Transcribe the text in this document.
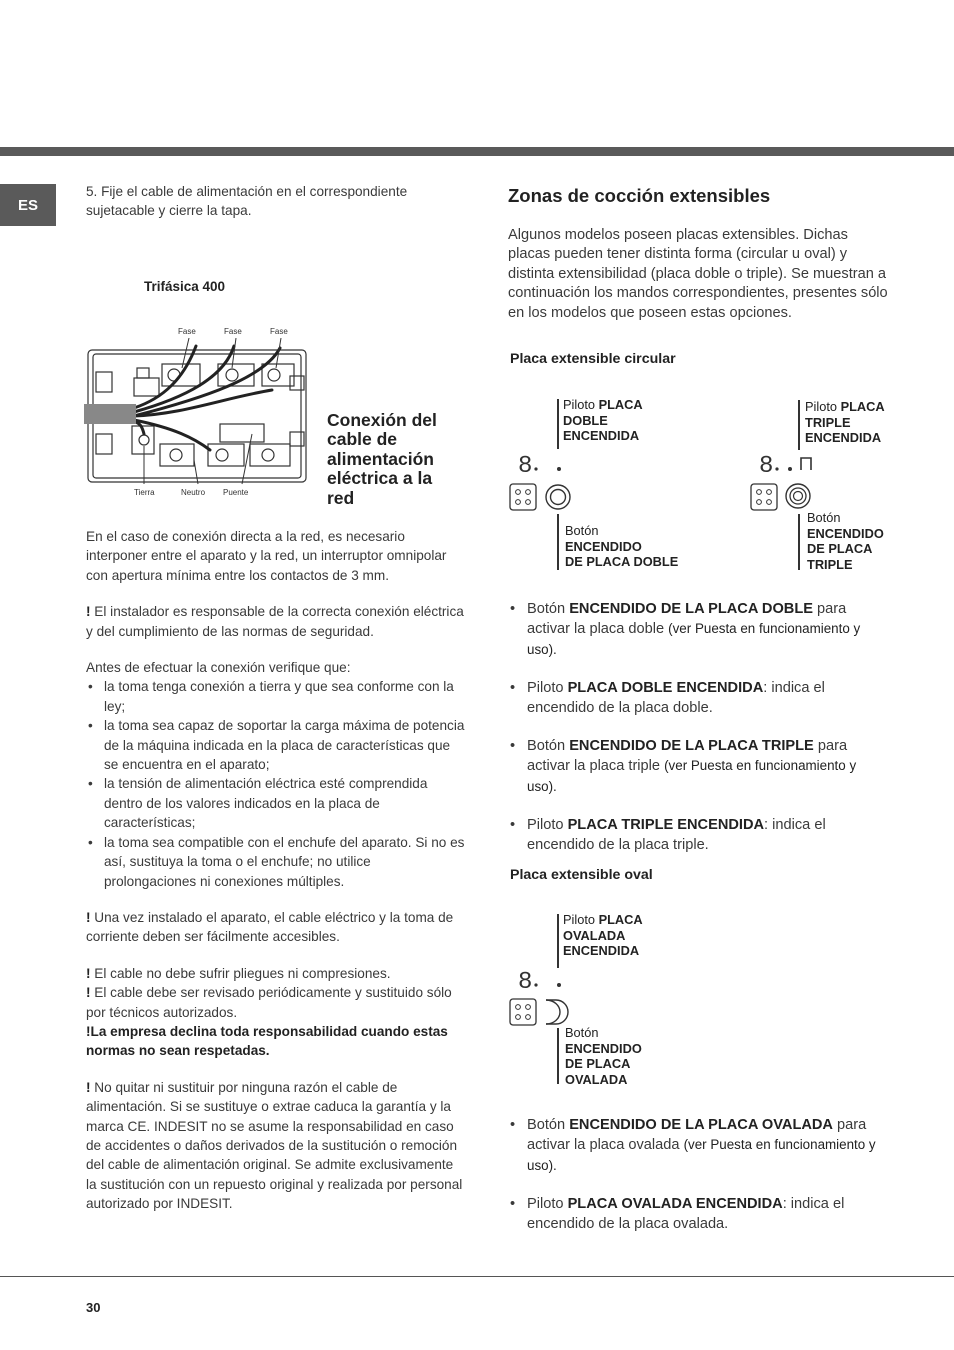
ES
5. Fije el cable de alimentación en el correspondiente sujetacable y cierre la tapa.
Trifásica 400
Fase	Fase	Fase
Tierra	Neutro Puente
Conexión del cable de alimentación eléctrica a la red

En el caso de conexión directa a la red, es necesario interponer entre el aparato y la red, un interruptor omnipolar con apertura mínima entre los contactos de 3 mm.

! El instalador es responsable de la correcta conexión eléctrica y del cumplimiento de las normas de seguridad.

Antes de efectuar la conexión verifique que:

• la toma tenga conexión a tierra y que sea conforme con la ley;
• la toma sea capaz de soportar la carga máxima de potencia de la máquina indicada en la placa de características que se encuentra en el aparato;
• la tensión de alimentación eléctrica esté comprendida dentro de los valores indicados en la placa de características;
• la toma sea compatible con el enchufe del aparato. Si no es así, sustituya la toma o el enchufe; no utilice prolongaciones ni conexiones múltiples.

! Una vez instalado el aparato, el cable eléctrico y la toma de corriente deben ser fácilmente accesibles.

! El cable no debe sufrir pliegues ni compresiones.

! El cable debe ser revisado periódicamente y sustituido sólo por técnicos autorizados.

!La empresa declina toda responsabilidad cuando estas normas no sean respetadas.

! No quitar ni sustituir por ninguna razón el cable de alimentación. Si se sustituye o extrae caduca la garantía y la marca CE. INDESIT no se asume la responsabilidad en caso de accidentes o daños derivados de la sustitución o remoción del cable de alimentación original. Se admite exclusivamente la sustitución con un repuesto original y realizada por personal autorizado por INDESIT.

Zonas de cocción extensibles
Algunos modelos poseen placas extensibles. Dichas placas pueden tener distinta forma (circular u oval) y distinta extensibilidad (placa doble o triple). Se muestran a continuación los mandos correspondientes, presentes sólo en los modelos que poseen estas opciones.
Placa extensible circular
Piloto PLACA
DOBLE
ENCENDIDA
8
Botón
ENCENDIDO
DE PLACA DOBLE
Piloto PLACA
TRIPLE
ENCENDIDA
8
Botón
ENCENDIDO
DE PLACA
TRIPLE
• Botón ENCENDIDO DE LA PLACA DOBLE para activar la placa doble (ver Puesta en funcionamiento y uso).
• Piloto PLACA DOBLE ENCENDIDA: indica el encendido de la placa doble.
• Botón ENCENDIDO DE LA PLACA TRIPLE para activar la placa triple (ver Puesta en funcionamiento y uso).
• Piloto PLACA TRIPLE ENCENDIDA: indica el encendido de la placa triple.
Placa extensible oval
Piloto PLACA
OVALADA
ENCENDIDA
8
Botón
ENCENDIDO
DE PLACA
OVALADA
• Botón ENCENDIDO DE LA PLACA OVALADA para activar la placa ovalada (ver Puesta en funcionamiento y uso).
• Piloto PLACA OVALADA ENCENDIDA: indica el encendido de la placa ovalada.
30
